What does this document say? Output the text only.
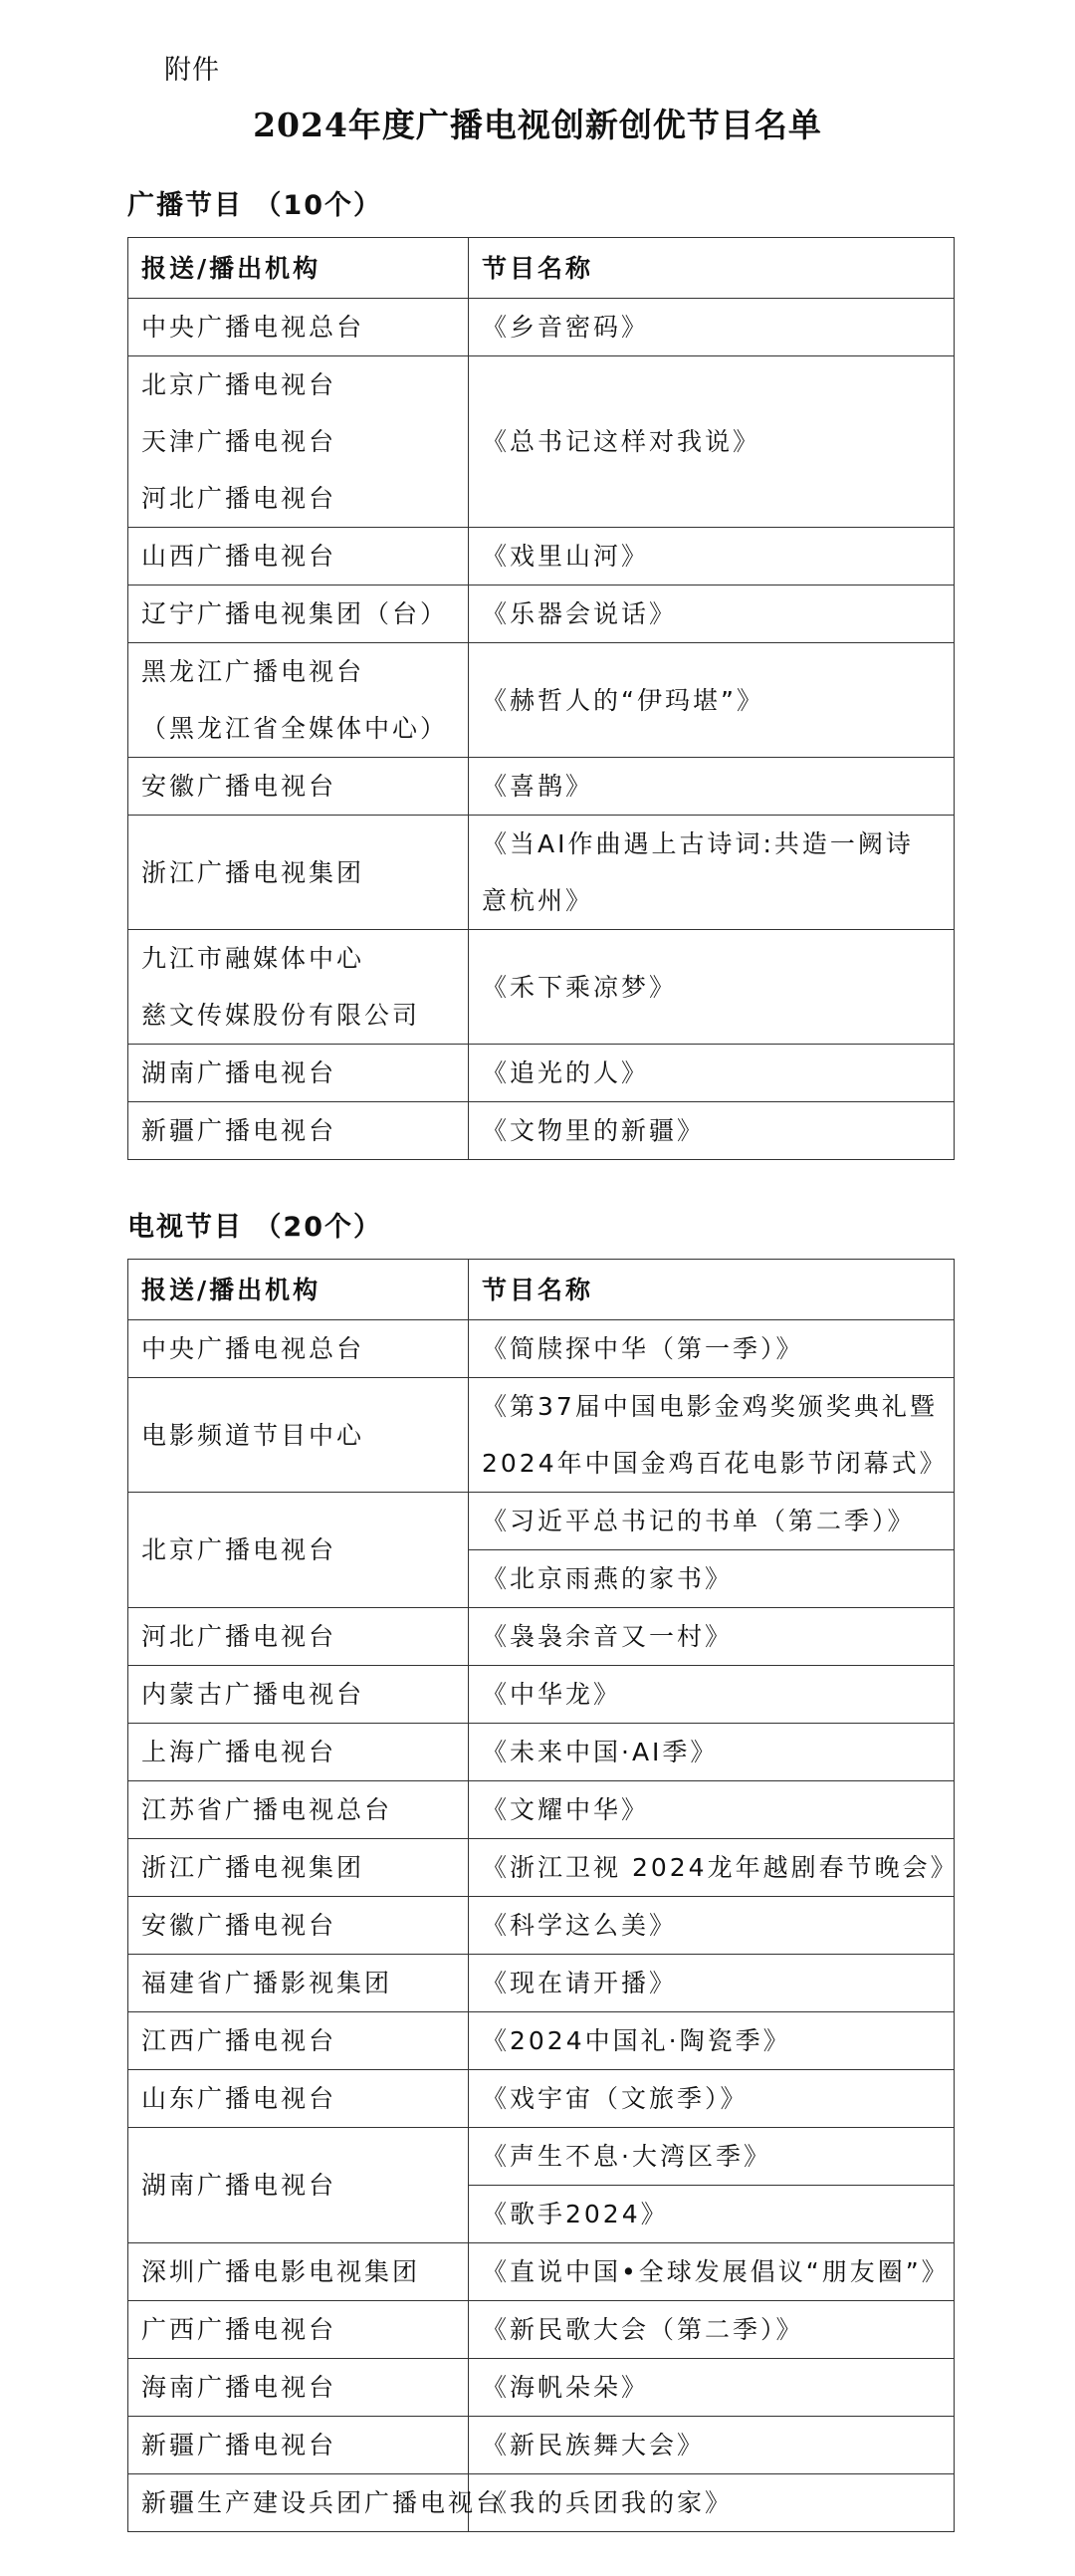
附件
2024年度广播电视创新创优节目名单
广播节目 （10个）
报送/播出机构	节目名称

中央广播电视总台	《乡音密码》

北京广播电视台
天津广播电视台
河北广播电视台	《总书记这样对我说》

山西广播电视台	《戏里山河》

辽宁广播电视集团（台）	《乐器会说话》

黑龙江广播电视台
（黑龙江省全媒体中心）	《赫哲人的“伊玛堪”》

安徽广播电视台	《喜鹊》

浙江广播电视集团	《当AI作曲遇上古诗词:共造一阙诗
意杭州》

九江市融媒体中心
慈文传媒股份有限公司	《禾下乘凉梦》

湖南广播电视台	《追光的人》

新疆广播电视台	《文物里的新疆》
电视节目 （20个）
报送/播出机构	节目名称

中央广播电视总台	《简牍探中华（第一季）》

电影频道节目中心	《第37届中国电影金鸡奖颁奖典礼暨
2024年中国金鸡百花电影节闭幕式》

北京广播电视台	《习近平总书记的书单（第二季）》

	《北京雨燕的家书》

河北广播电视台	《袅袅余音又一村》

内蒙古广播电视台	《中华龙》

上海广播电视台	《未来中国·AI季》

江苏省广播电视总台	《文耀中华》

浙江广播电视集团	《浙江卫视 2024龙年越剧春节晚会》

安徽广播电视台	《科学这么美》

福建省广播影视集团	《现在请开播》

江西广播电视台	《2024中国礼·陶瓷季》

山东广播电视台	《戏宇宙（文旅季）》

湖南广播电视台	《声生不息·大湾区季》

	《歌手2024》

深圳广播电影电视集团	《直说中国•全球发展倡议“朋友圈”》

广西广播电视台	《新民歌大会（第二季）》

海南广播电视台	《海帆朵朵》

新疆广播电视台	《新民族舞大会》

新疆生产建设兵团广播电视台	《我的兵团我的家》
